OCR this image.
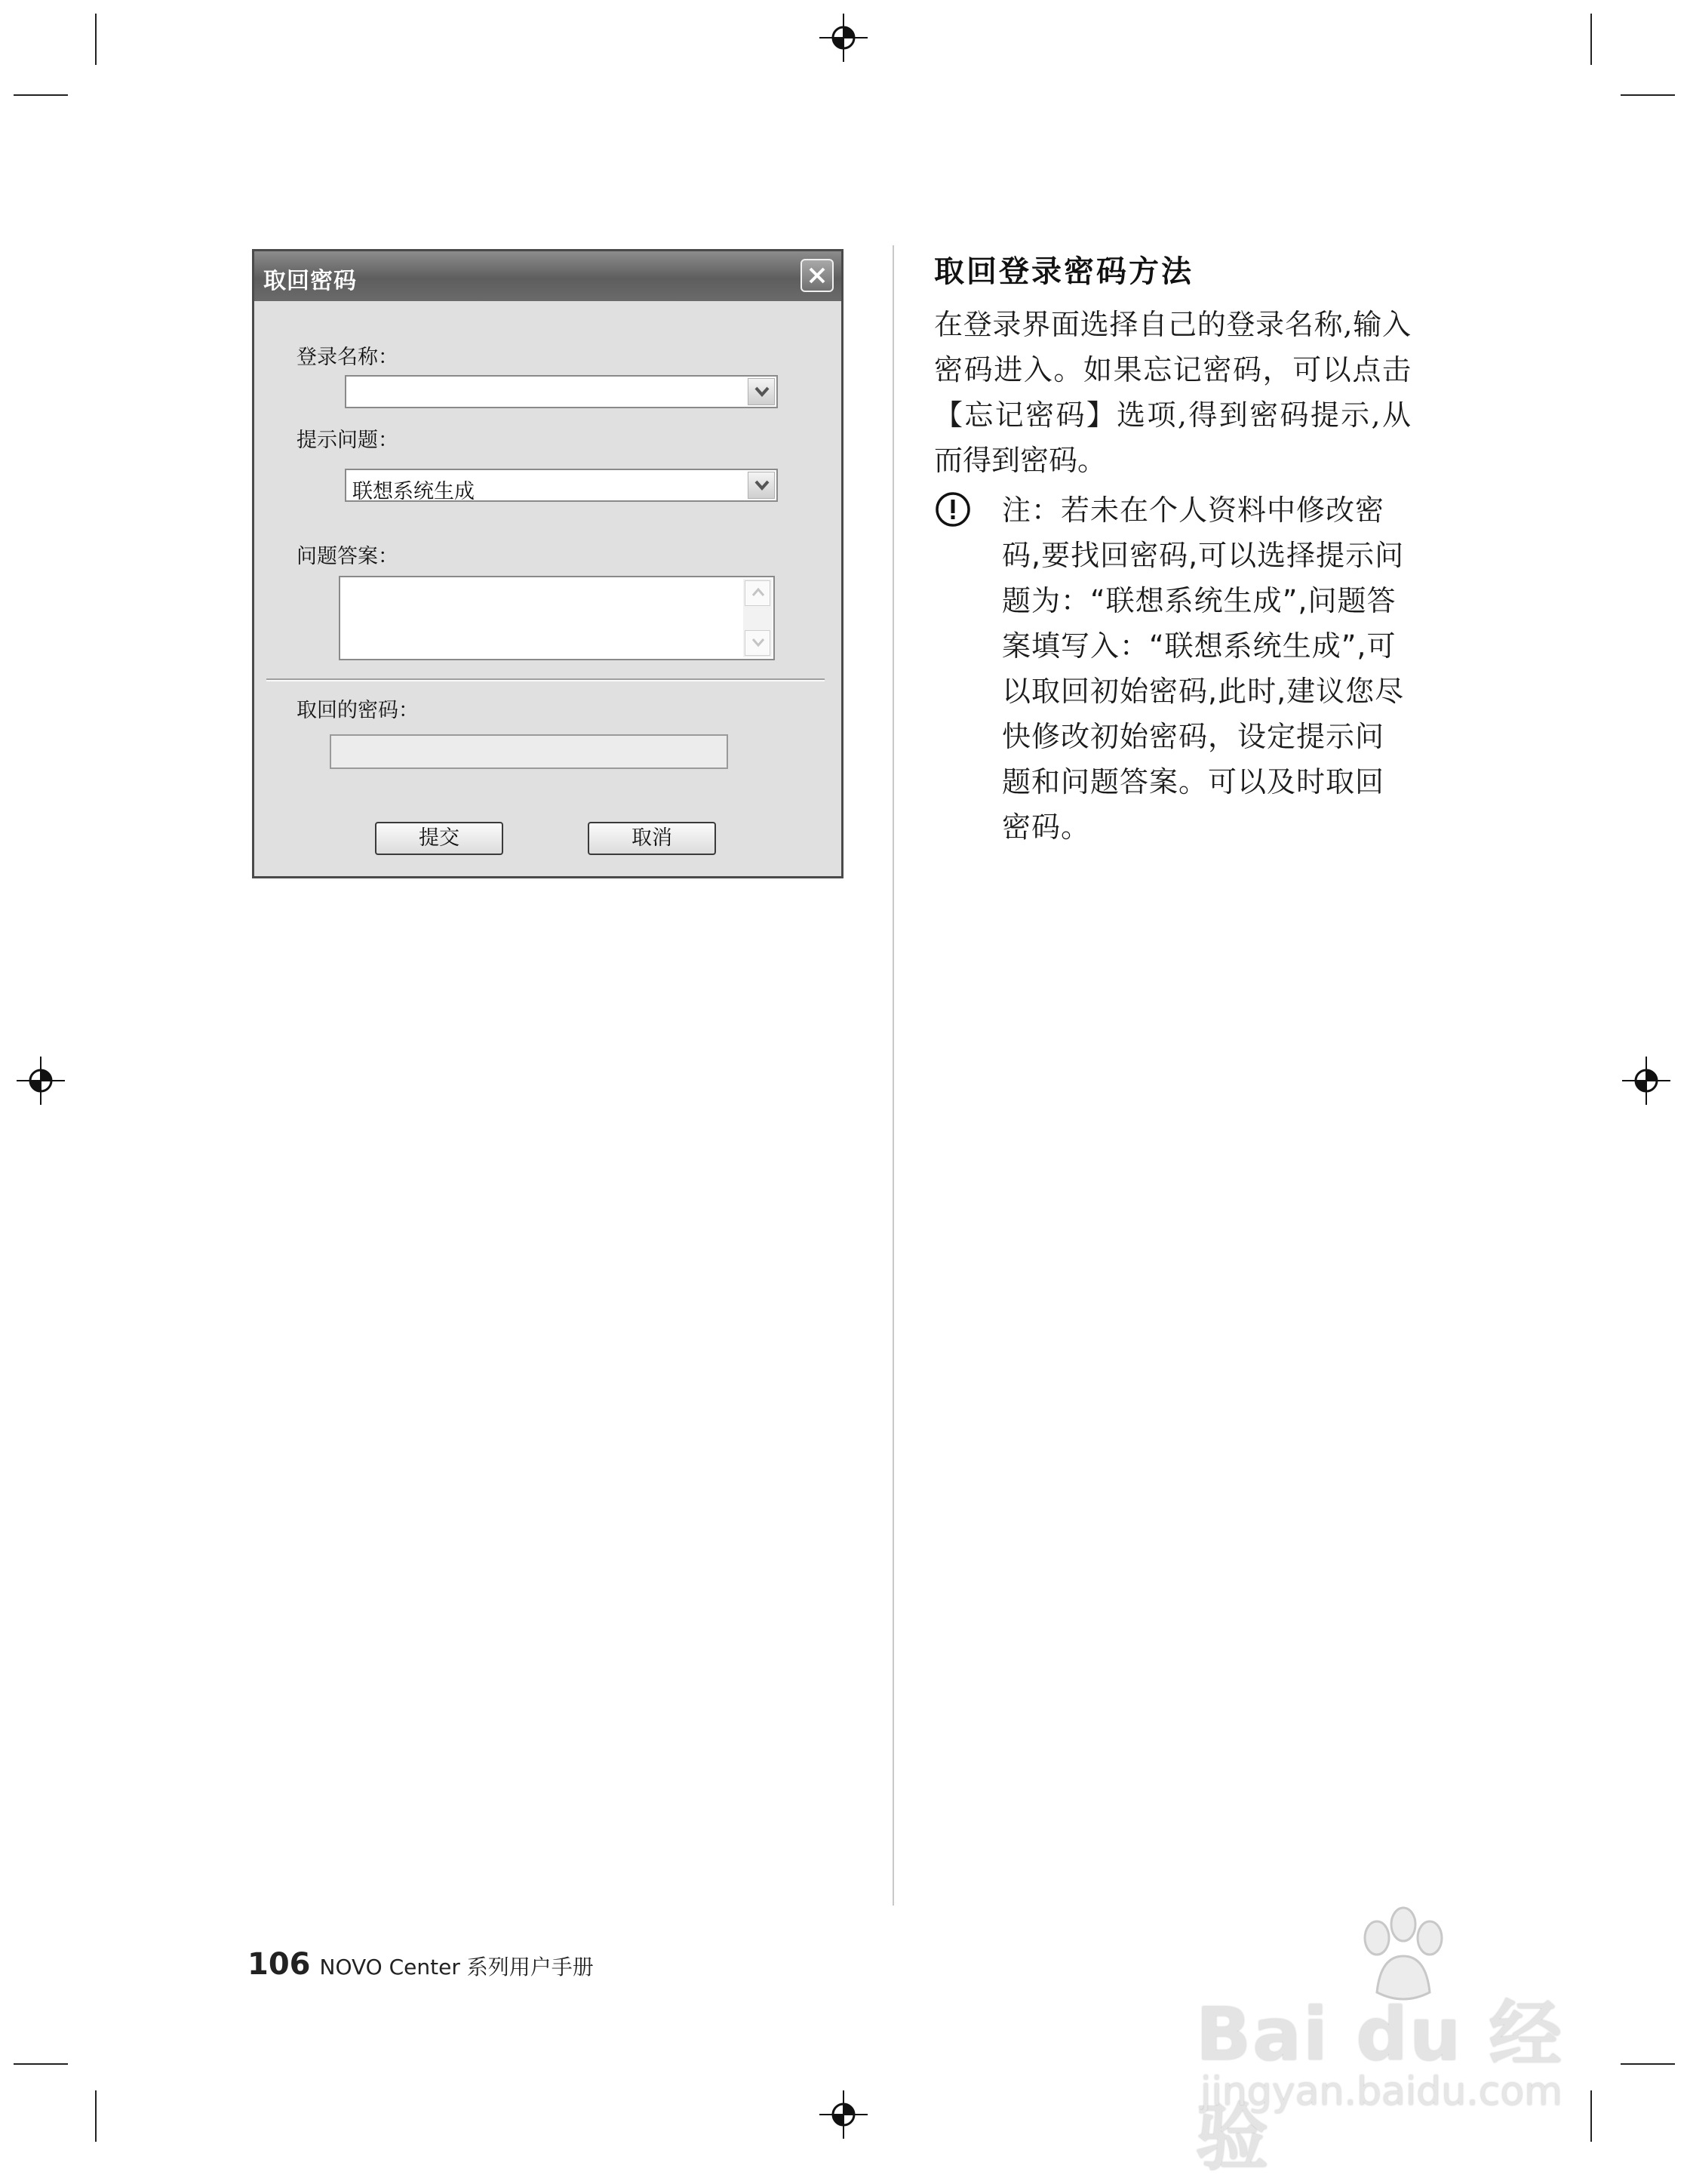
取回密码
登录名称：
提示问题：
联想系统生成
问题答案：
取回的密码：
提交	取消
取回登录密码方法
在登录界面选择自己的登录名称,输入密码进入。如果忘记密码，可以点击【忘记密码】选项,得到密码提示,从而得到密码。
注：若未在个人资料中修改密码,要找回密码,可以选择提示问题为：“联想系统生成”,问题答案填写入：“联想系统生成”,可以取回初始密码,此时,建议您尽快修改初始密码，设定提示问题和问题答案。可以及时取回密码。
106 NOVO Center 系列用户手册
Bai du 经验
jingyan.baidu.com
